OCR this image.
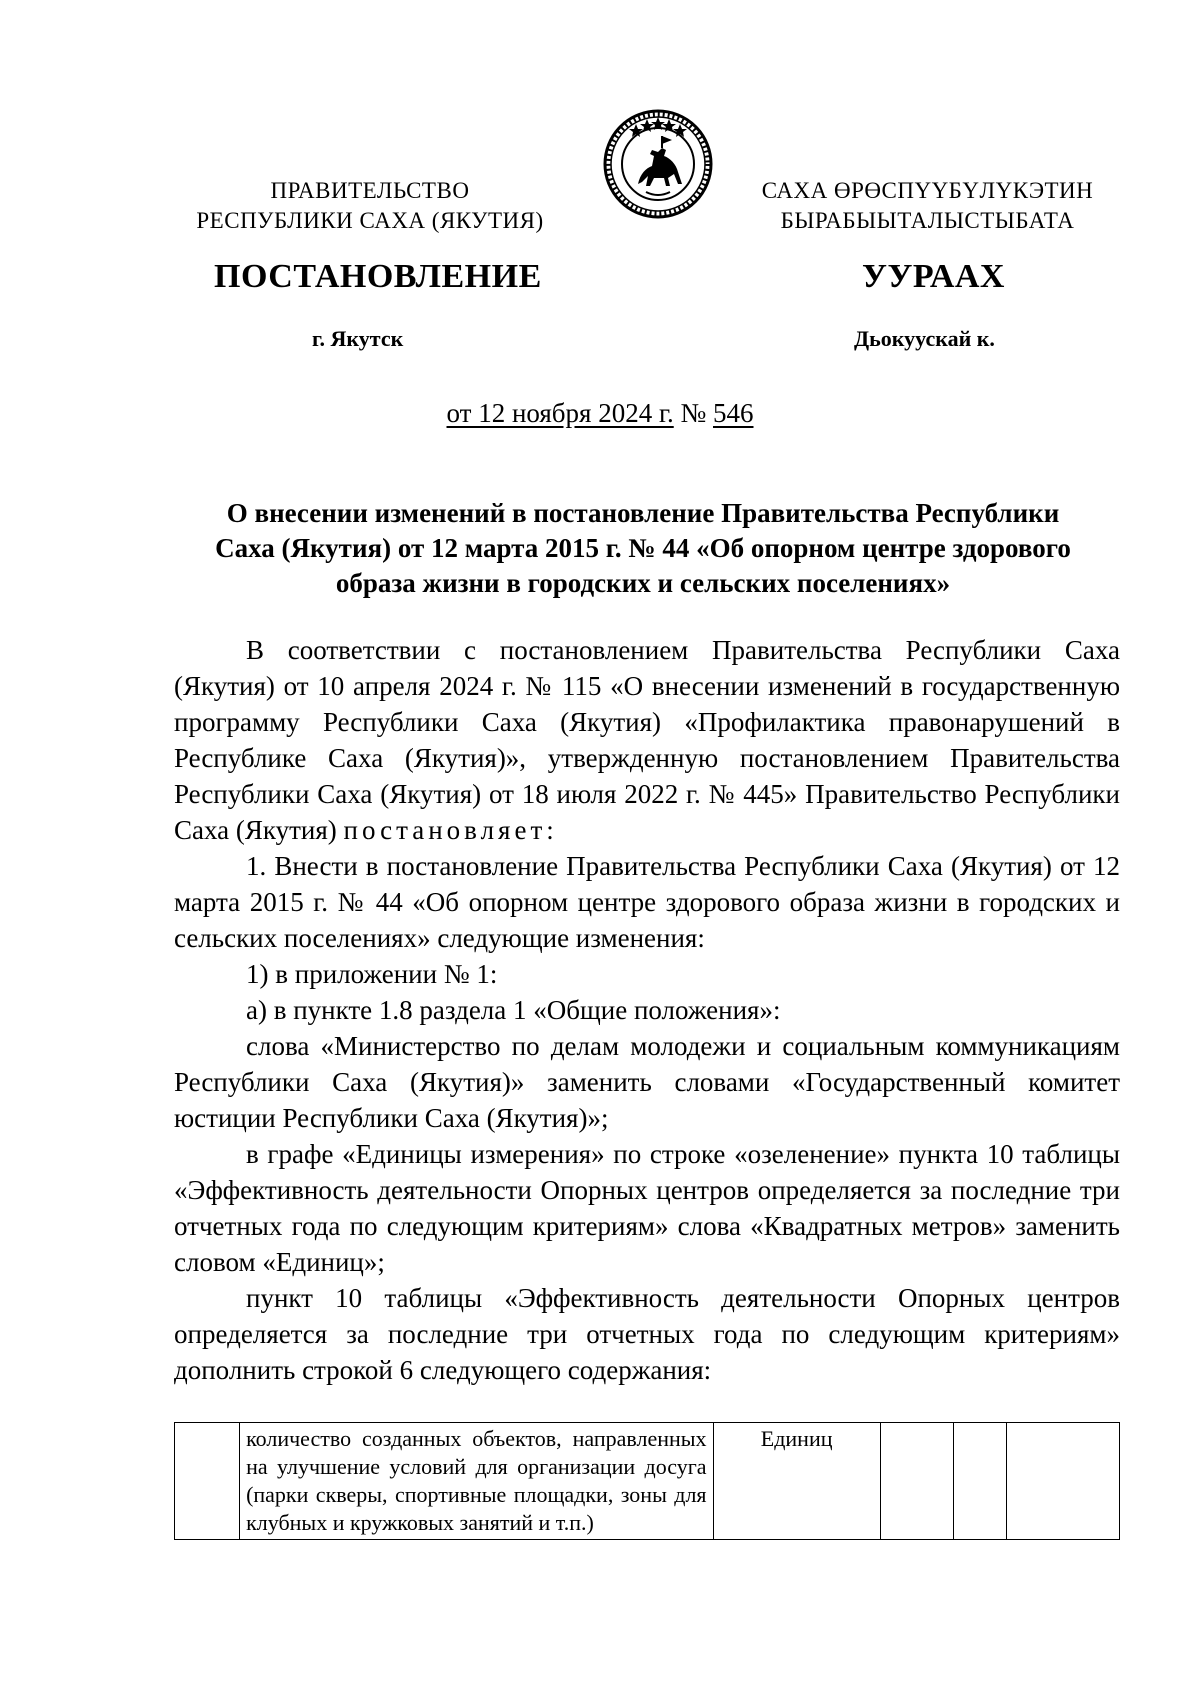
ПРАВИТЕЛЬСТВО
РЕСПУБЛИКИ САХА (ЯКУТИЯ)
САХА ӨРӨСПҮҮБҮЛҮКЭТИН
БЫРАБЫЫТАЛЫСТЫБАТА
ПОСТАНОВЛЕНИЕ	УУРААХ
г. Якутск	Дьокуускай к.
от 12 ноября 2024 г. № 546
О внесении изменений в постановление Правительства Республики
Саха (Якутия) от 12 марта 2015 г. № 44 «Об опорном центре здорового
образа жизни в городских и сельских поселениях»

В соответствии с постановлением Правительства Республики Саха (Якутия) от 10 апреля 2024 г. № 115 «О внесении изменений в государственную программу Республики Саха (Якутия) «Профилактика правонарушений в Республике Саха (Якутия)», утвержденную постановлением Правительства Республики Саха (Якутия) от 18 июля 2022 г. № 445» Правительство Республики Саха (Якутия) постановляет:

1. Внести в постановление Правительства Республики Саха (Якутия) от 12 марта 2015 г. № 44 «Об опорном центре здорового образа жизни в городских и сельских поселениях» следующие изменения:

1) в приложении № 1:

а) в пункте 1.8 раздела 1 «Общие положения»:

слова «Министерство по делам молодежи и социальным коммуникациям Республики Саха (Якутия)» заменить словами «Государственный комитет юстиции Республики Саха (Якутия)»;

в графе «Единицы измерения» по строке «озеленение» пункта 10 таблицы «Эффективность деятельности Опорных центров определяется за последние три отчетных года по следующим критериям» слова «Квадратных метров» заменить словом «Единиц»;

пункт 10 таблицы «Эффективность деятельности Опорных центров определяется за последние три отчетных года по следующим критериям» дополнить строкой 6 следующего содержания:

	количество созданных объектов, направленных на улучшение условий для организации досуга (парки скверы, спортивные площадки, зоны для клубных и кружковых занятий и т.п.)	Единиц			
